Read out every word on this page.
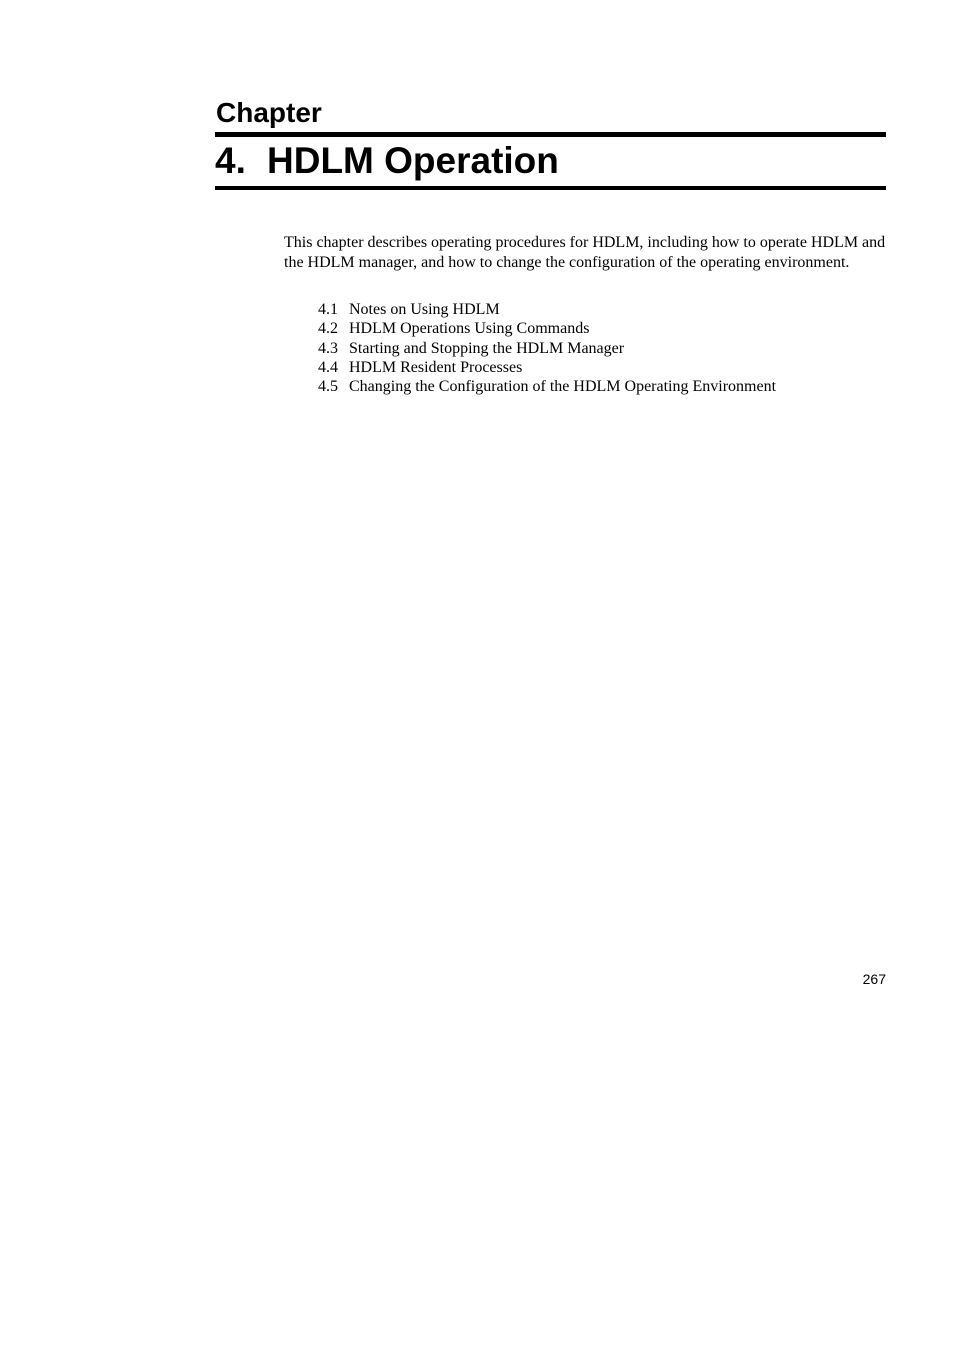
Chapter
4. HDLM Operation

This chapter describes operating procedures for HDLM, including how to operate HDLM and the HDLM manager, and how to change the configuration of the operating environment.

4.1 Notes on Using HDLM
4.2 HDLM Operations Using Commands
4.3 Starting and Stopping the HDLM Manager
4.4 HDLM Resident Processes
4.5 Changing the Configuration of the HDLM Operating Environment
267
